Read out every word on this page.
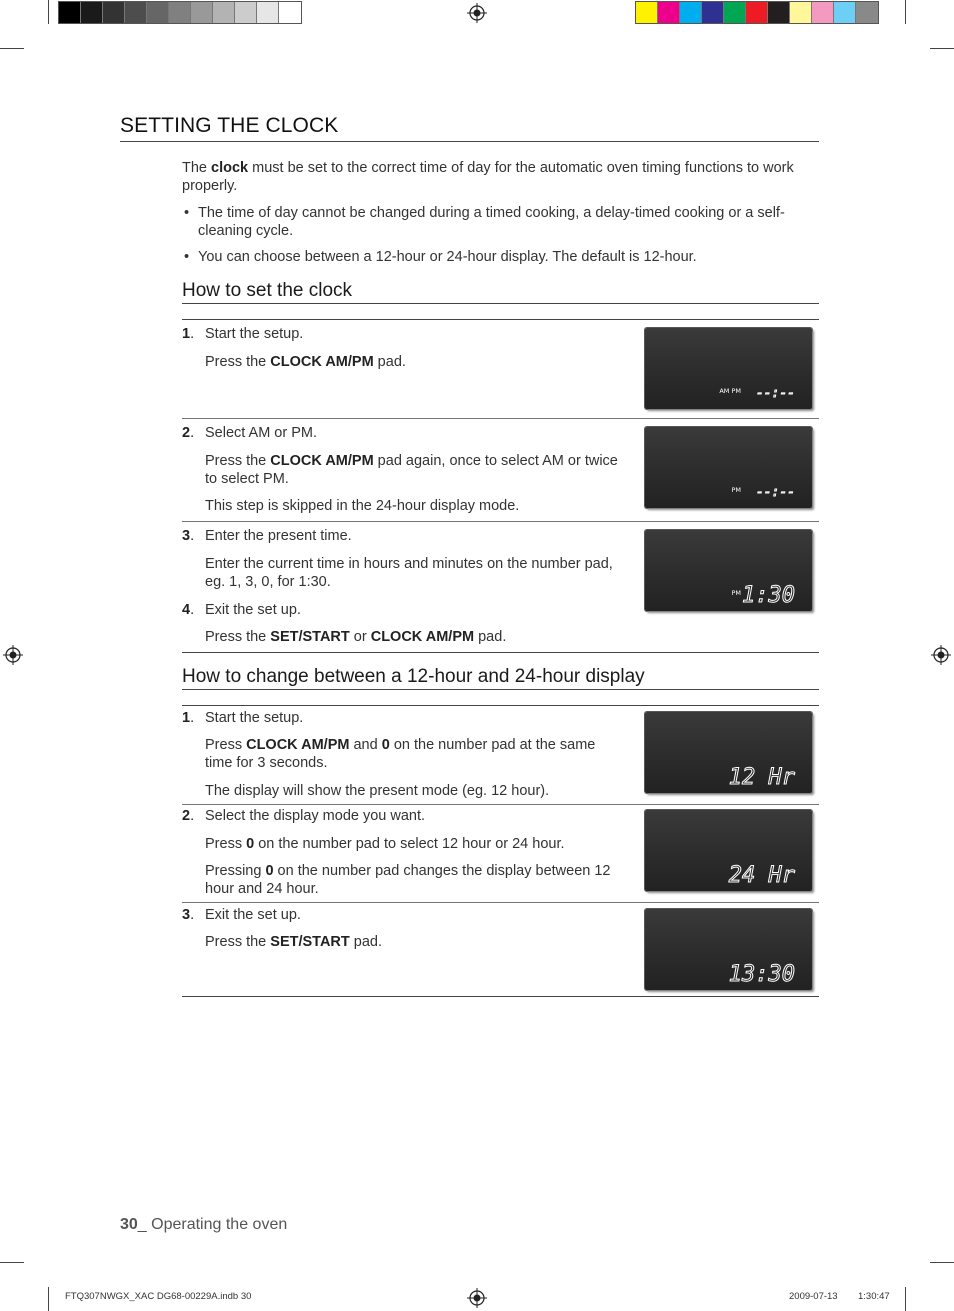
SETTING THE CLOCK
The clock must be set to the correct time of day for the automatic oven timing functions to work
properly.
• The time of day cannot be changed during a timed cooking, a delay-timed cooking or a self-
cleaning cycle.
• You can choose between a 12-hour or 24-hour display. The default is 12-hour.
How to set the clock
1. Start the setup.
Press the CLOCK AM/PM pad.
AM PM --:--
2. Select AM or PM.
Press the CLOCK AM/PM pad again, once to select AM or twice
to select PM.
This step is skipped in the 24-hour display mode.
PM --:--
3. Enter the present time.
Enter the current time in hours and minutes on the number pad,
eg. 1, 3, 0, for 1:30.
4. Exit the set up.
Press the SET/START or CLOCK AM/PM pad.
PM 1:30
How to change between a 12-hour and 24-hour display
1. Start the setup.
Press CLOCK AM/PM and 0 on the number pad at the same
time for 3 seconds.
The display will show the present mode (eg. 12 hour).
12 Hr
2. Select the display mode you want.
Press 0 on the number pad to select 12 hour or 24 hour.
Pressing 0 on the number pad changes the display between 12
hour and 24 hour.
24 Hr
3. Exit the set up.
Press the SET/START pad.
13:30
30_ Operating the oven
FTQ307NWGX_XAC DG68-00229A.indb 30	2009-07-13 1:30:47
